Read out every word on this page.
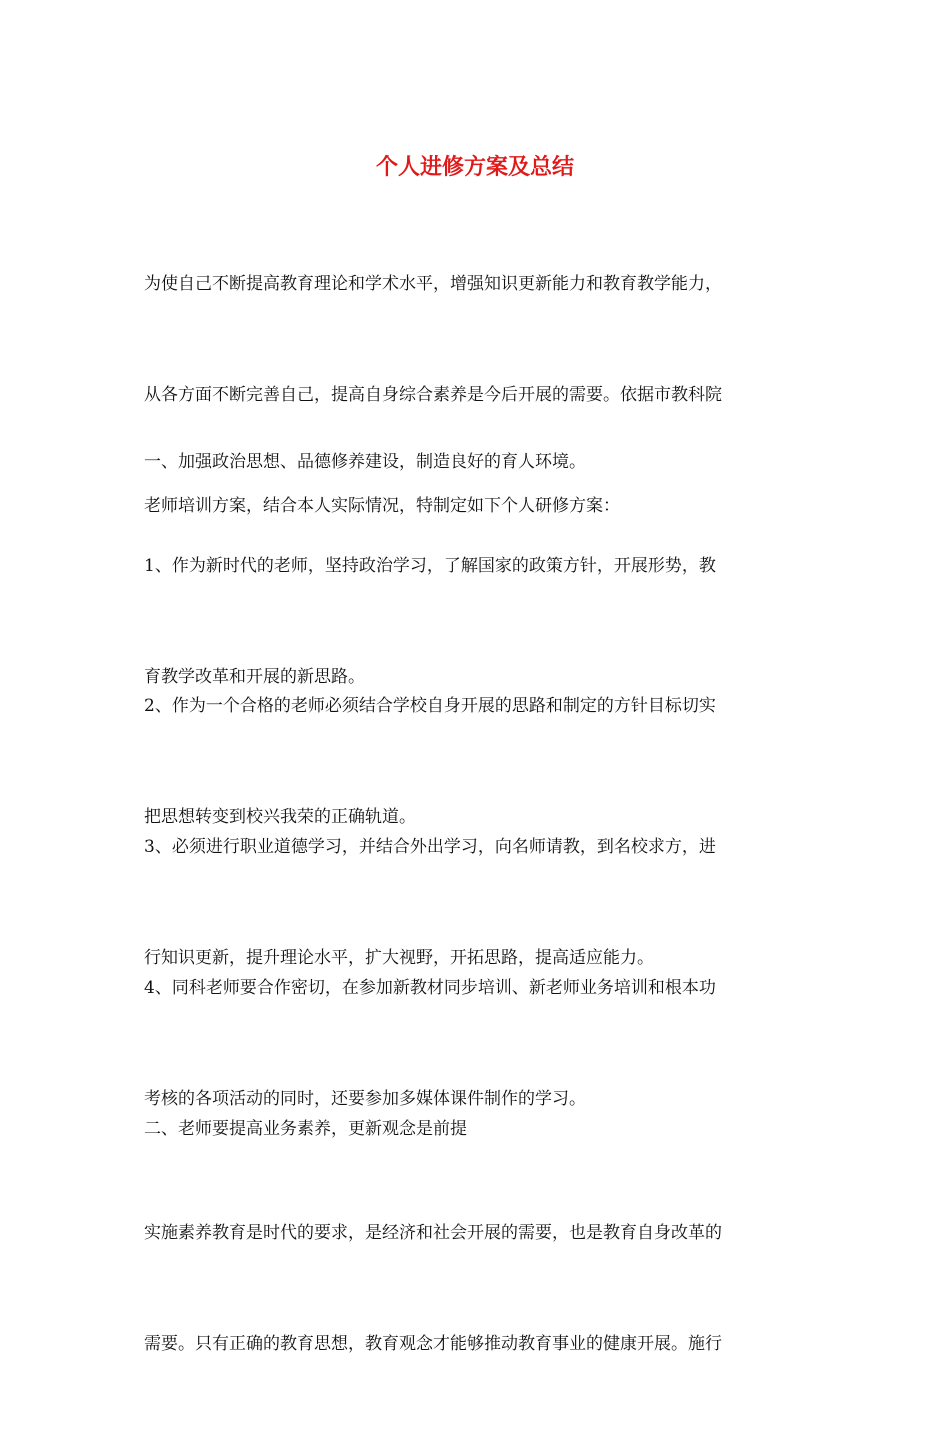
个人进修方案及总结

为使自己不断提高教育理论和学术水平，增强知识更新能力和教育教学能力，

从各方面不断完善自己，提高自身综合素养是今后开展的需要。依据市教科院

老师培训方案，结合本人实际情况，特制定如下个人研修方案：

一、加强政治思想、品德修养建设，制造良好的育人环境。

1、作为新时代的老师，坚持政治学习，了解国家的政策方针，开展形势，教

育教学改革和开展的新思路。

2、作为一个合格的老师必须结合学校自身开展的思路和制定的方针目标切实

把思想转变到校兴我荣的正确轨道。

3、必须进行职业道德学习，并结合外出学习，向名师请教，到名校求方，进

行知识更新，提升理论水平，扩大视野，开拓思路，提高适应能力。

4、同科老师要合作密切，在参加新教材同步培训、新老师业务培训和根本功

考核的各项活动的同时，还要参加多媒体课件制作的学习。

二、老师要提高业务素养，更新观念是前提

实施素养教育是时代的要求，是经济和社会开展的需要，也是教育自身改革的

需要。只有正确的教育思想，教育观念才能够推动教育事业的健康开展。施行
